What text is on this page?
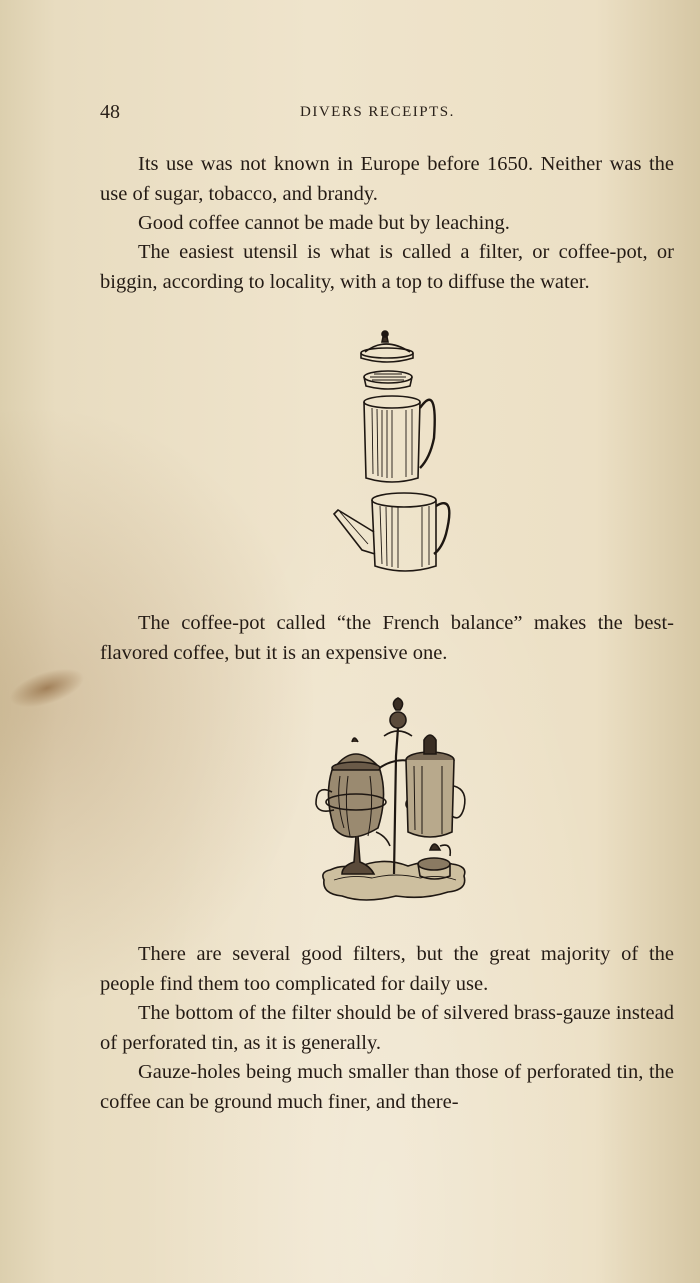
48	DIVERS RECEIPTS.

Its use was not known in Europe before 1650. Neither was the use of sugar, tobacco, and brandy.

Good coffee cannot be made but by leaching.

The easiest utensil is what is called a filter, or coffee-pot, or biggin, according to locality, with a top to diffuse the water.

The coffee-pot called “the French balance” makes the best-flavored coffee, but it is an expensive one.

There are several good filters, but the great majority of the people find them too complicated for daily use.

The bottom of the filter should be of silvered brass-gauze instead of perforated tin, as it is generally.

Gauze-holes being much smaller than those of perforated tin, the coffee can be ground much finer, and there-
